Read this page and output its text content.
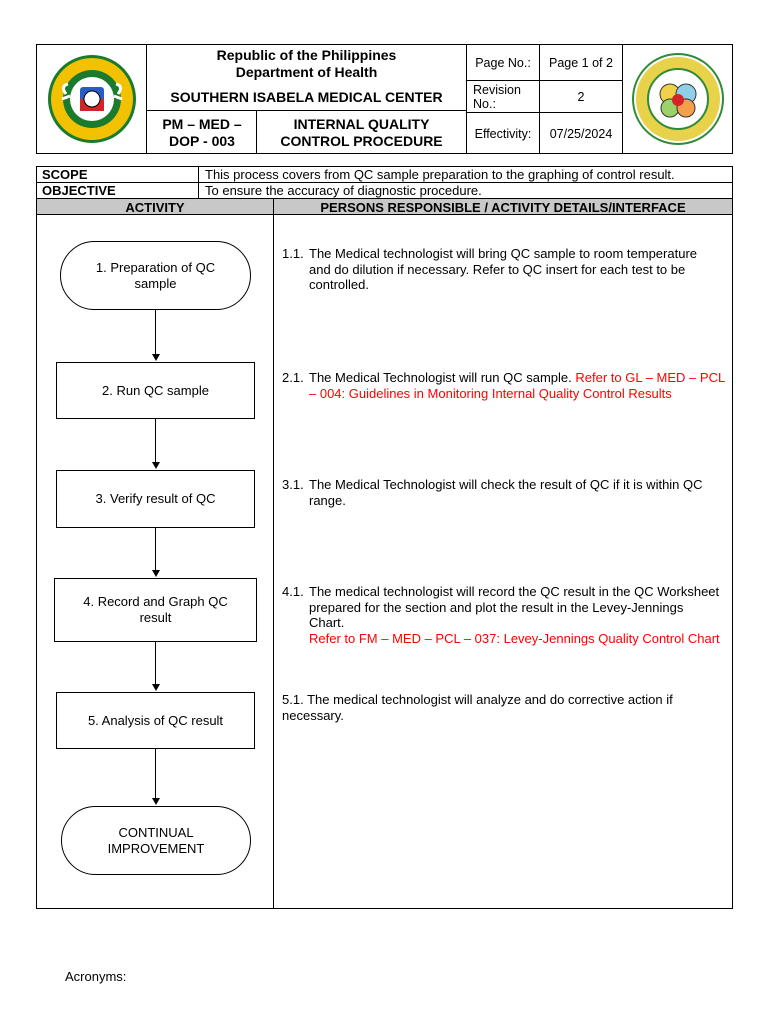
Republic of the Philippines
Department of Health
SOUTHERN ISABELA MEDICAL CENTER
PM – MED – DOP - 003
INTERNAL QUALITY CONTROL PROCEDURE
Page No.:	Page 1 of 2
Revision No.:	2
Effectivity:	07/25/2024
SCOPE	This process covers from QC sample preparation to the graphing of control result.
OBJECTIVE	To ensure the accuracy of diagnostic procedure.
ACTIVITY	PERSONS RESPONSIBLE / ACTIVITY DETAILS/INTERFACE
1. Preparation of QC sample
2. Run QC sample
3. Verify result of QC
4. Record and Graph QC result
5. Analysis of QC result
CONTINUAL IMPROVEMENT
1.1. The Medical technologist will bring QC sample to room temperature and do dilution if necessary. Refer to QC insert for each test to be controlled.
2.1. The Medical Technologist will run QC sample. Refer to GL – MED – PCL – 004: Guidelines in Monitoring Internal Quality Control Results
3.1. The Medical Technologist will check the result of QC if it is within QC range.
4.1. The medical technologist will record the QC result in the QC Worksheet prepared for the section and plot the result in the Levey-Jennings Chart.
Refer to FM – MED – PCL – 037: Levey-Jennings Quality Control Chart
5.1. The medical technologist will analyze and do corrective action if necessary.
Acronyms:
